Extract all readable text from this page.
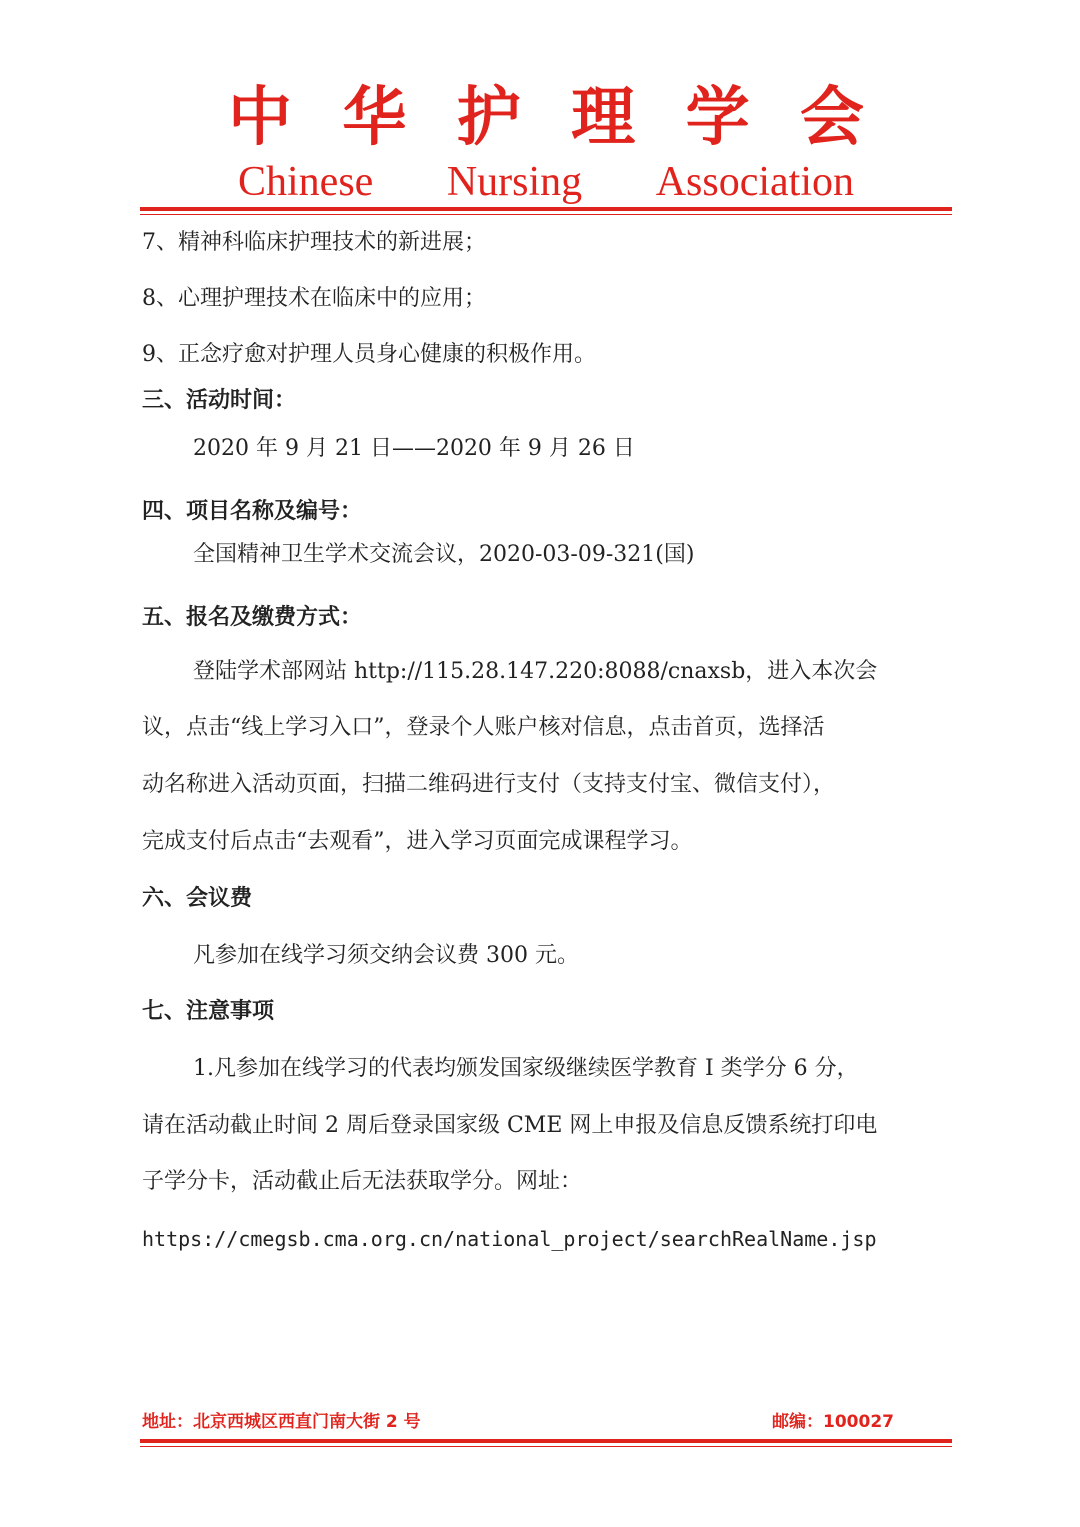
中 华 护 理 学 会
Chinese Nursing Association
7、精神科临床护理技术的新进展；
8、心理护理技术在临床中的应用；
9、正念疗愈对护理人员身心健康的积极作用。
三、活动时间：
2020 年 9 月 21 日——2020 年 9 月 26 日
四、项目名称及编号：
全国精神卫生学术交流会议，2020-03-09-321(国)
五、报名及缴费方式：
登陆学术部网站 http://115.28.147.220:8088/cnaxsb，进入本次会
议，点击“线上学习入口”，登录个人账户核对信息，点击首页，选择活
动名称进入活动页面，扫描二维码进行支付（支持支付宝、微信支付），
完成支付后点击“去观看”，进入学习页面完成课程学习。
六、会议费
凡参加在线学习须交纳会议费 300 元。
七、注意事项
1.凡参加在线学习的代表均颁发国家级继续医学教育 I 类学分 6 分，
请在活动截止时间 2 周后登录国家级 CME 网上申报及信息反馈系统打印电
子学分卡，活动截止后无法获取学分。网址：
https://cmegsb.cma.org.cn/national_project/searchRealName.jsp
地址：北京西城区西直门南大街 2 号	邮编：100027
